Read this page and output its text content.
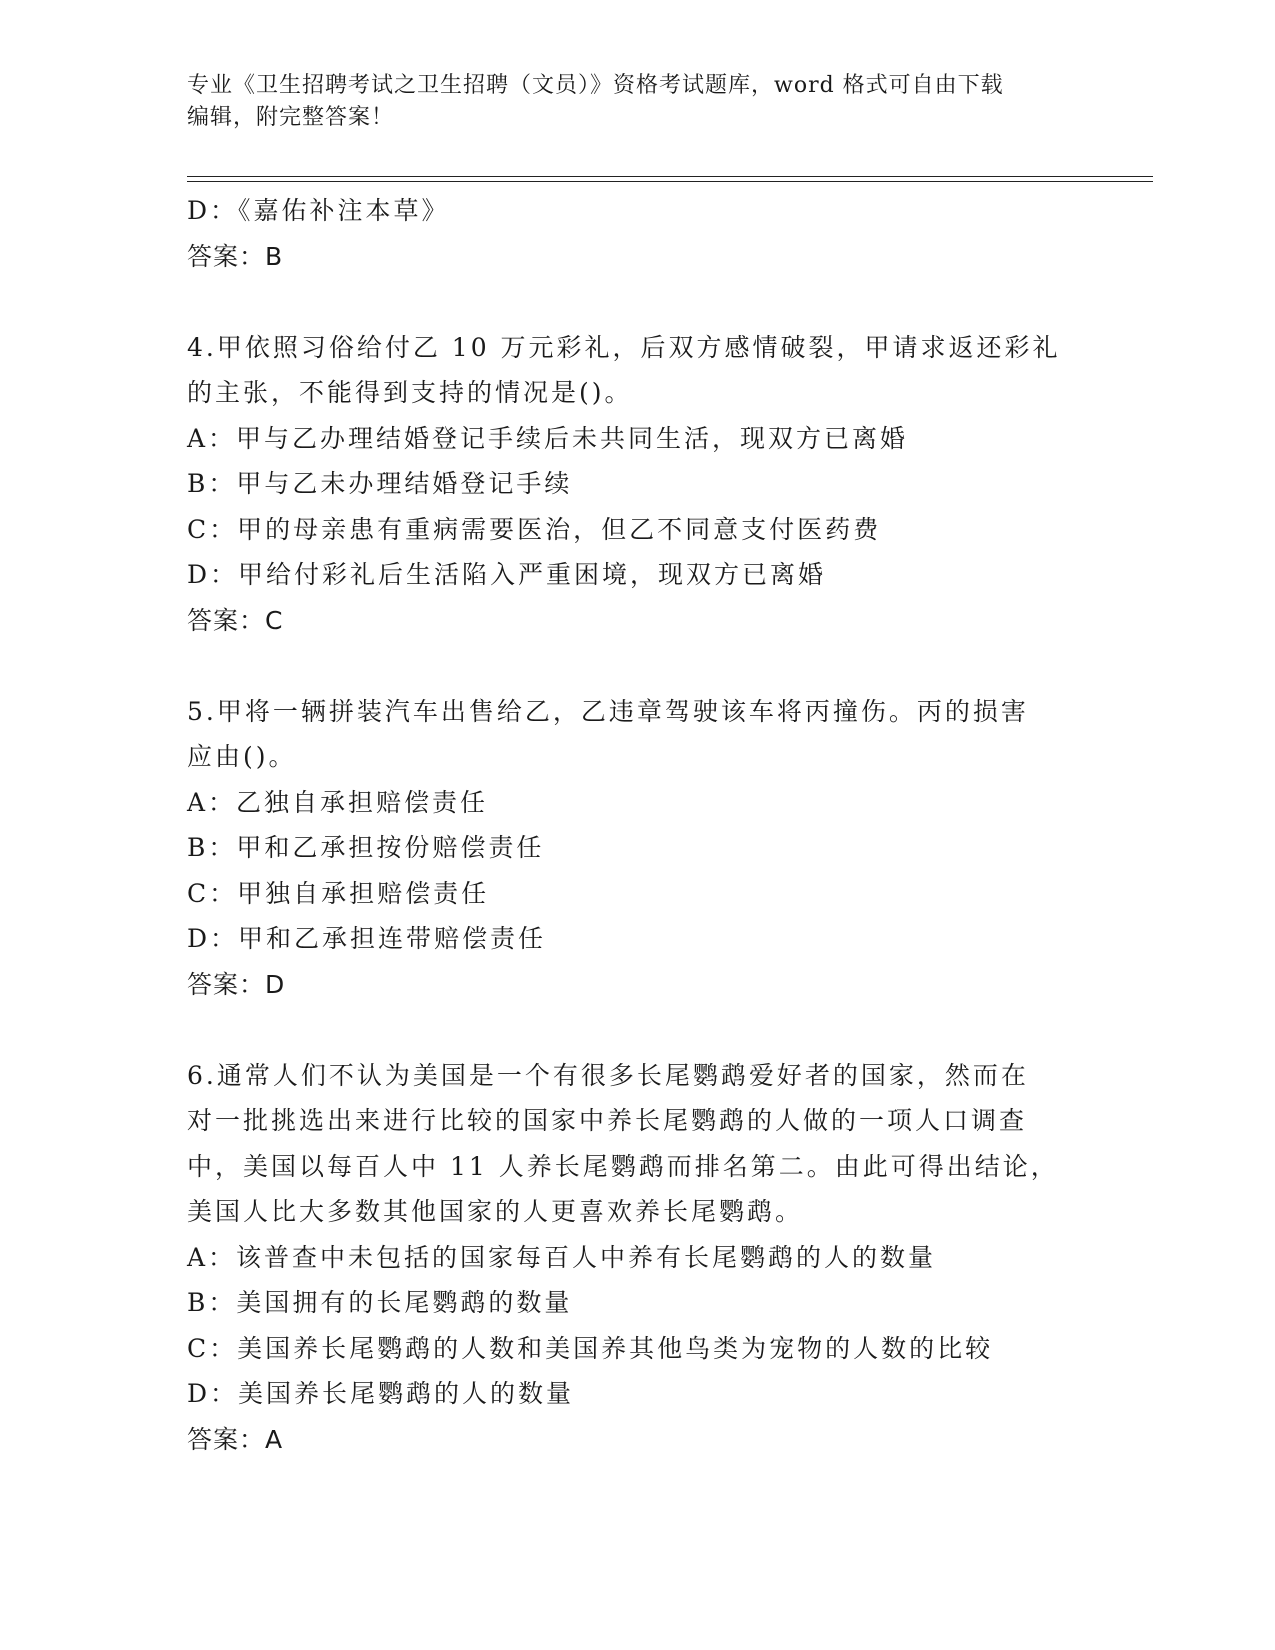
专业《卫生招聘考试之卫生招聘（文员）》资格考试题库，word 格式可自由下载
编辑，附完整答案！
D：《嘉佑补注本草》
答案：B
4.甲依照习俗给付乙 10 万元彩礼，后双方感情破裂，甲请求返还彩礼
的主张，不能得到支持的情况是()。
A：甲与乙办理结婚登记手续后未共同生活，现双方已离婚
B：甲与乙未办理结婚登记手续
C：甲的母亲患有重病需要医治，但乙不同意支付医药费
D：甲给付彩礼后生活陷入严重困境，现双方已离婚
答案：C
5.甲将一辆拼装汽车出售给乙，乙违章驾驶该车将丙撞伤。丙的损害
应由()。
A：乙独自承担赔偿责任
B：甲和乙承担按份赔偿责任
C：甲独自承担赔偿责任
D：甲和乙承担连带赔偿责任
答案：D
6.通常人们不认为美国是一个有很多长尾鹦鹉爱好者的国家，然而在
对一批挑选出来进行比较的国家中养长尾鹦鹉的人做的一项人口调查
中，美国以每百人中 11 人养长尾鹦鹉而排名第二。由此可得出结论，
美国人比大多数其他国家的人更喜欢养长尾鹦鹉。
A：该普查中未包括的国家每百人中养有长尾鹦鹉的人的数量
B：美国拥有的长尾鹦鹉的数量
C：美国养长尾鹦鹉的人数和美国养其他鸟类为宠物的人数的比较
D：美国养长尾鹦鹉的人的数量
答案：A
